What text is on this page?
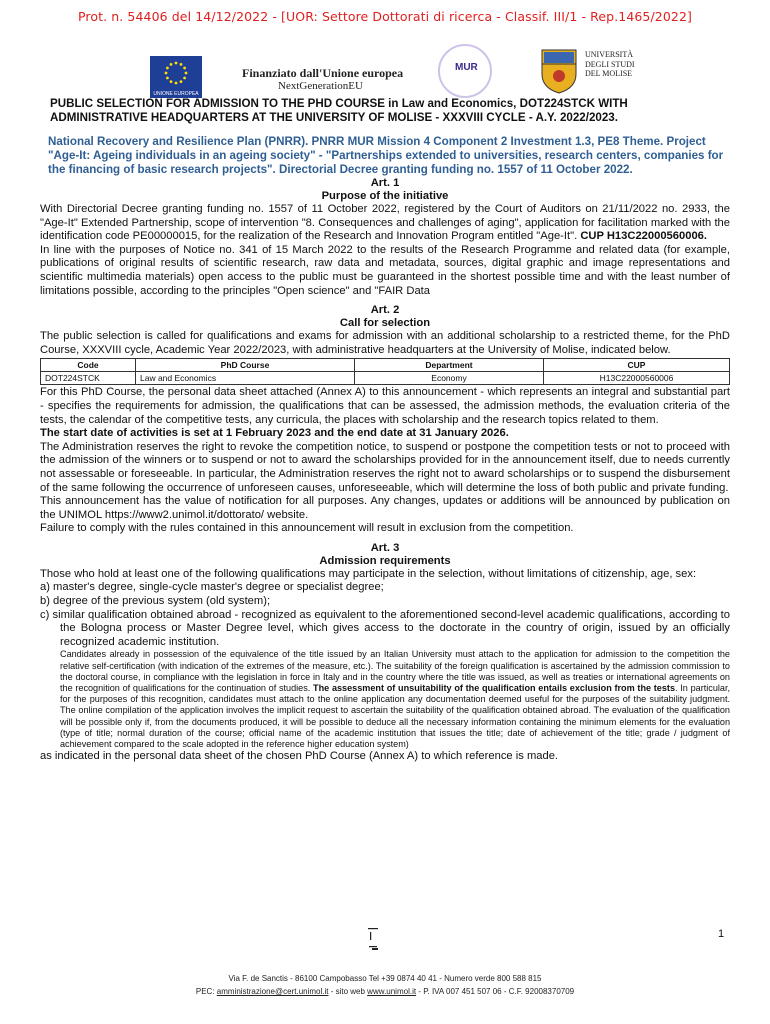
Prot. n. 54406 del 14/12/2022 - [UOR: Settore Dottorati di ricerca - Classif. III/1 - Rep.1465/2022]
UNIONE EUROPEA
Finanziato dall'Unione europea
NextGenerationEU
MUR
UNIVERSITÀ
DEGLI STUDI
DEL MOLISE
PUBLIC SELECTION FOR ADMISSION TO THE PHD COURSE in Law and Economics, DOT224STCK WITH ADMINISTRATIVE HEADQUARTERS AT THE UNIVERSITY OF MOLISE - XXXVIII CYCLE - A.Y. 2022/2023.
National Recovery and Resilience Plan (PNRR). PNRR MUR Mission 4 Component 2 Investment 1.3, PE8 Theme. Project "Age-It: Ageing individuals in an ageing society" - "Partnerships extended to universities, research centers, companies for the financing of basic research projects". Directorial Decree granting funding no. 1557 of 11 October 2022.
Art. 1
Purpose of the initiative

With Directorial Decree granting funding no. 1557 of 11 October 2022, registered by the Court of Auditors on 21/11/2022 no. 2933, the "Age-It" Extended Partnership, scope of intervention "8. Consequences and challenges of aging", application for facilitation marked with the identification code PE00000015, for the realization of the Research and Innovation Program entitled "Age-It". CUP H13C22000560006.

In line with the purposes of Notice no. 341 of 15 March 2022 to the results of the Research Programme and related data (for example, publications of original results of scientific research, raw data and metadata, sources, digital graphic and image representations and scientific multimedia materials) open access to the public must be guaranteed in the shortest possible time and with the least number of limitations possible, according to the principles "Open science" and "FAIR Data

Art. 2
Call for selection

The public selection is called for qualifications and exams for admission with an additional scholarship to a restricted theme, for the PhD Course, XXXVIII cycle, Academic Year 2022/2023, with administrative headquarters at the University of Molise, indicated below.

Code	PhD Course	Department	CUP
DOT224STCK	Law and Economics	Economy	H13C22000560006

For this PhD Course, the personal data sheet attached (Annex A) to this announcement - which represents an integral and substantial part - specifies the requirements for admission, the qualifications that can be assessed, the admission methods, the evaluation criteria of the tests, the calendar of the competitive tests, any curricula, the places with scholarship and the research topics related to them.

The start date of activities is set at 1 February 2023 and the end date at 31 January 2026.

The Administration reserves the right to revoke the competition notice, to suspend or postpone the competition tests or not to proceed with the admission of the winners or to suspend or not to award the scholarships provided for in the announcement itself, due to needs currently not assessable or foreseeable. In particular, the Administration reserves the right not to award scholarships or to suspend the disbursement of the same following the occurrence of unforeseen causes, unforeseeable, which will determine the loss of both public and private funding.

This announcement has the value of notification for all purposes. Any changes, updates or additions will be announced by publication on the UNIMOL https://www2.unimol.it/dottorato/ website.

Failure to comply with the rules contained in this announcement will result in exclusion from the competition.

Art. 3
Admission requirements

Those who hold at least one of the following qualifications may participate in the selection, without limitations of citizenship, age, sex:

a) master's degree, single-cycle master's degree or specialist degree;

b) degree of the previous system (old system);

c) similar qualification obtained abroad - recognized as equivalent to the aforementioned second-level academic qualifications, according to the Bologna process or Master Degree level, which gives access to the doctorate in the country of origin, issued by an officially recognized academic institution.

Candidates already in possession of the equivalence of the title issued by an Italian University must attach to the application for admission to the competition the relative self-certification (with indication of the extremes of the measure, etc.). The suitability of the foreign qualification is ascertained by the admission commission to the doctoral course, in compliance with the legislation in force in Italy and in the country where the title was issued, as well as treaties or international agreements on the recognition of qualifications for the continuation of studies. The assessment of unsuitability of the qualification entails exclusion from the tests. In particular, for the purposes of this recognition, candidates must attach to the online application any documentation deemed useful for the purposes of the suitability judgment. The online compilation of the application involves the implicit request to ascertain the suitability of the qualification obtained abroad. The evaluation of the qualification will be possible only if, from the documents produced, it will be possible to deduce all the necessary information containing the minimum elements for the evaluation (type of title; normal duration of the course; official name of the academic institution that issues the title; date of achievement of the title; grade / judgment of achievement compared to the scale adopted in the reference higher education system)

as indicated in the personal data sheet of the chosen PhD Course (Annex A) to which reference is made.

1
Via F. de Sanctis - 86100 Campobasso Tel +39 0874 40 41 - Numero verde 800 588 815
PEC: amministrazione@cert.unimol.it - sito web www.unimol.it - P. IVA 007 451 507 06 - C.F. 92008370709
